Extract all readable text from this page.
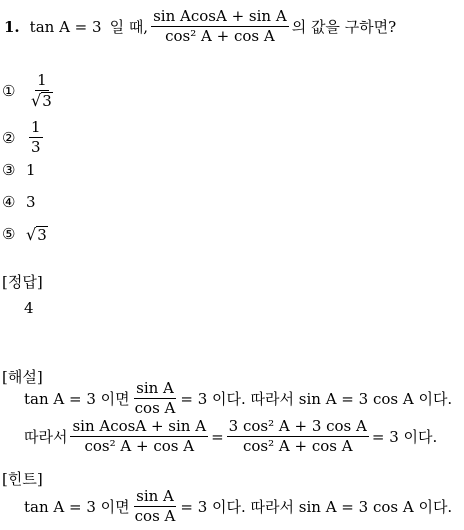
1. tan A = 3 일 때, $\frac{\text{sin AcosA + sin A}}{\text{cos² A + cos A}}$ 의 값을 구하면?
① $\frac{1}{√ 3}$
② $\frac{1}{3}$
③ 1
④ 3
⑤ √ 3
[정답]
4
[해설]
tan A = 3 이면 $\frac{\text{sin A}}{\text{cos A}} = 3$ 이다. 따라서 sin A = 3 cos A 이다.
따라서 $\frac{\text{sin AcosA + sin A}}{\text{cos² A + cos A}} = \frac{\text{3 cos² A + 3 cos A}}{\text{cos² A + cos A}} = 3$ 이다.
[힌트]
tan A = 3 이면 $\frac{\text{sin A}}{\text{cos A}} = 3$ 이다. 따라서 sin A = 3 cos A 이다.
